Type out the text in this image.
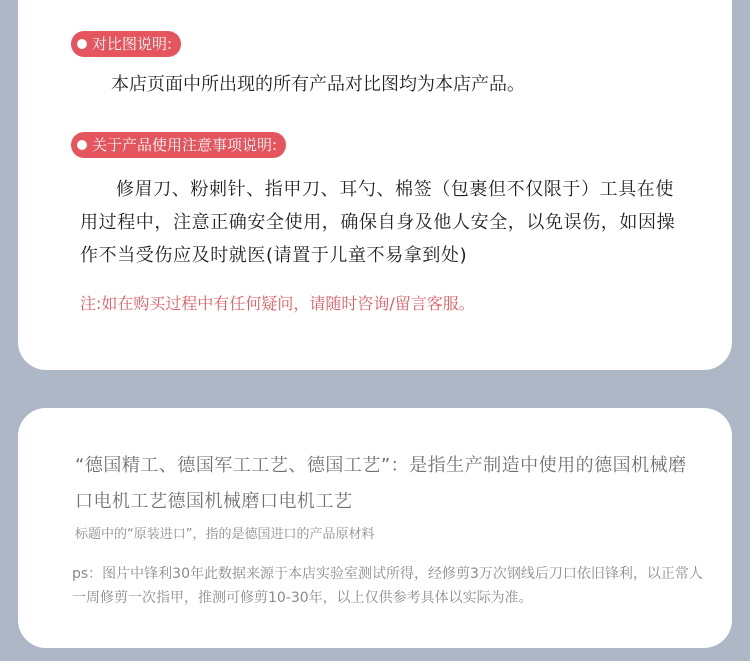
对比图说明:
本店页面中所出现的所有产品对比图均为本店产品。
关于产品使用注意事项说明:
修眉刀、粉刺针、指甲刀、耳勺、棉签（包裹但不仅限于）工具在使用过程中，注意正确安全使用，确保自身及他人安全，以免误伤，如因操作不当受伤应及时就医(请置于儿童不易拿到处)
注:如在购买过程中有任何疑问，请随时咨询/留言客服。
“德国精工、德国军工工艺、德国工艺”：是指生产制造中使用的德国机械磨口电机工艺德国机械磨口电机工艺
标题中的“原装进口”，指的是德国进口的产品原材料
ps：图片中锋利30年此数据来源于本店实验室测试所得，经修剪3万次钢线后刀口依旧锋利，以正常人一周修剪一次指甲，推测可修剪10-30年，以上仅供参考具体以实际为准。
